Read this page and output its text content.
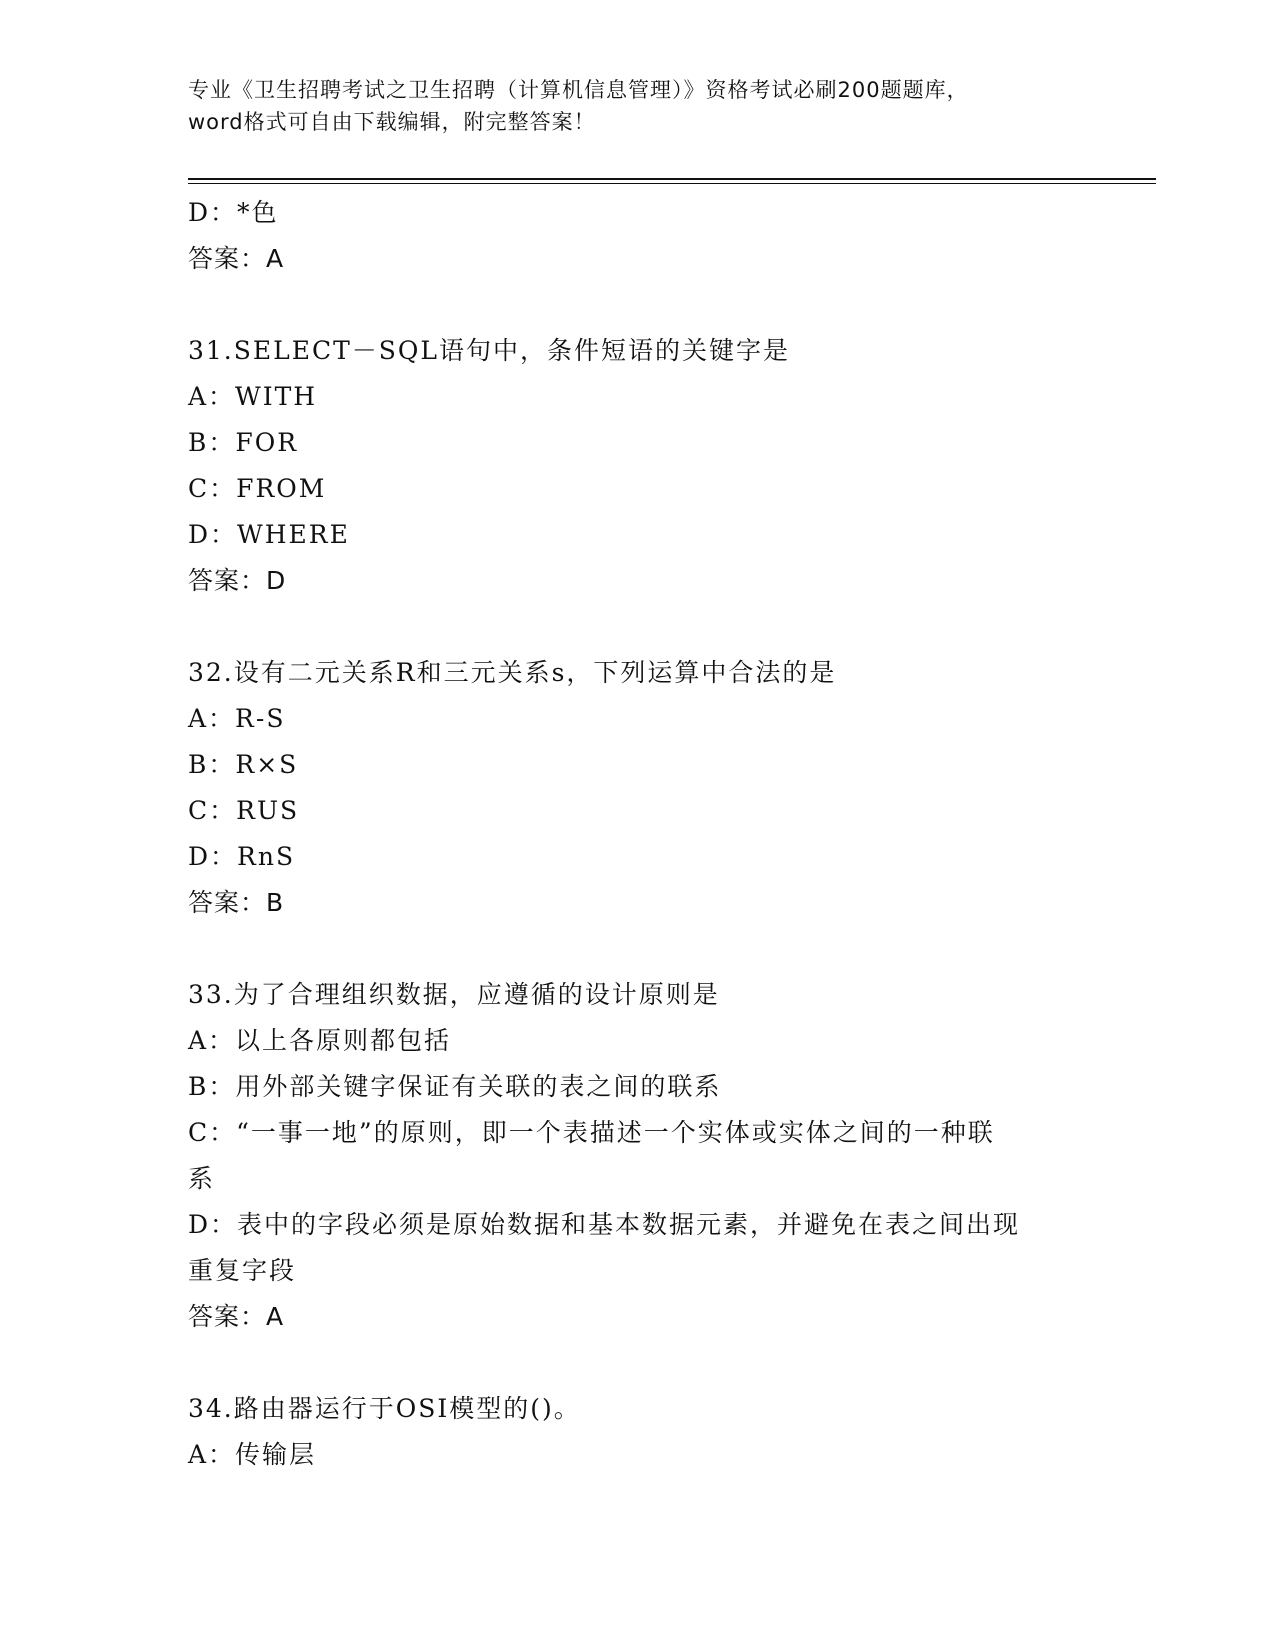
专业《卫生招聘考试之卫生招聘（计算机信息管理）》资格考试必刷200题题库，
word格式可自由下载编辑，附完整答案！
D：*色
答案：A
31.SELECT－SQL语句中，条件短语的关键字是
A：WITH
B：FOR
C：FROM
D：WHERE
答案：D
32.设有二元关系R和三元关系s，下列运算中合法的是
A：R-S
B：R×S
C：RUS
D：RnS
答案：B
33.为了合理组织数据，应遵循的设计原则是
A：以上各原则都包括
B：用外部关键字保证有关联的表之间的联系
C：“一事一地”的原则，即一个表描述一个实体或实体之间的一种联
系
D：表中的字段必须是原始数据和基本数据元素，并避免在表之间出现
重复字段
答案：A
34.路由器运行于OSI模型的()。
A：传输层
